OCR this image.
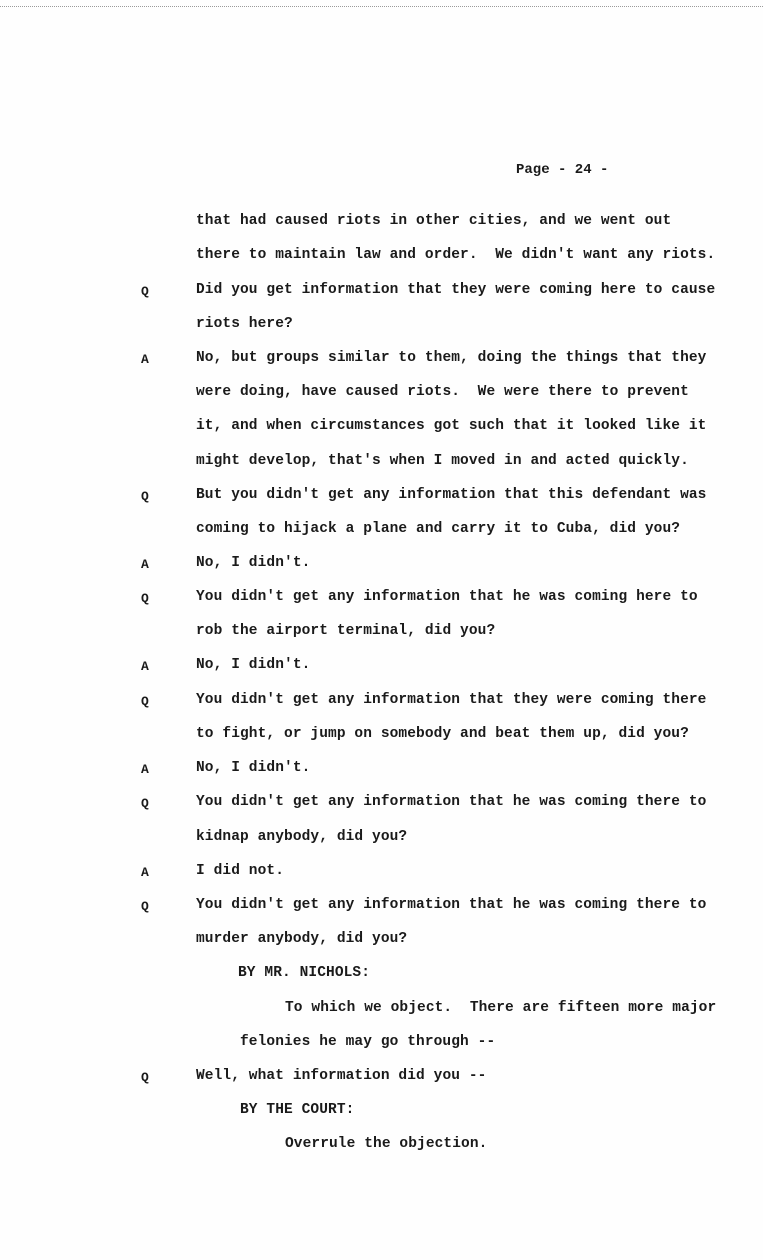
Page - 24 -
that had caused riots in other cities, and we went out
there to maintain law and order.  We didn't want any riots.
Q	Did you get information that they were coming here to cause
riots here?
A	No, but groups similar to them, doing the things that they
were doing, have caused riots.  We were there to prevent
it, and when circumstances got such that it looked like it
might develop, that's when I moved in and acted quickly.
Q	But you didn't get any information that this defendant was
coming to hijack a plane and carry it to Cuba, did you?
A	No, I didn't.
Q	You didn't get any information that he was coming here to
rob the airport terminal, did you?
A	No, I didn't.
Q	You didn't get any information that they were coming there
to fight, or jump on somebody and beat them up, did you?
A	No, I didn't.
Q	You didn't get any information that he was coming there to
kidnap anybody, did you?
A	I did not.
Q	You didn't get any information that he was coming there to
murder anybody, did you?
BY MR. NICHOLS:
To which we object.  There are fifteen more major
felonies he may go through --
Q	Well, what information did you --
BY THE COURT:
Overrule the objection.
